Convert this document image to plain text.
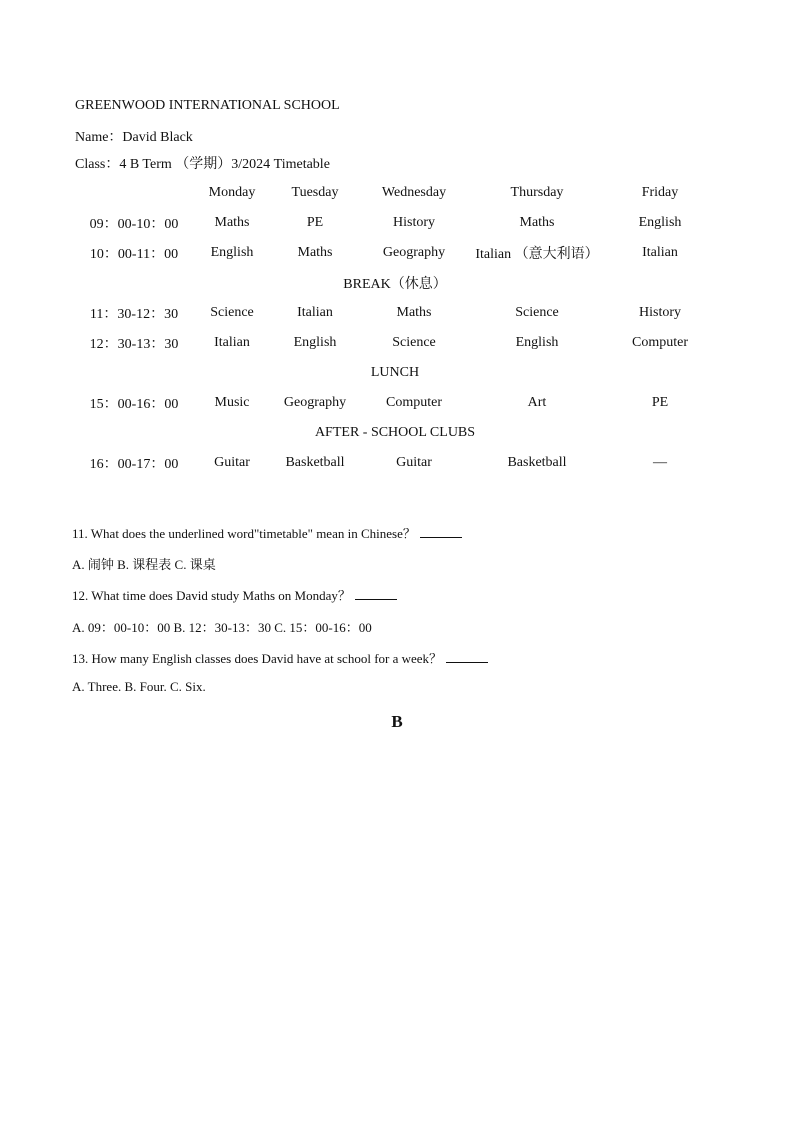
GREENWOOD INTERNATIONAL SCHOOL
Name：David Black
Class：4 B Term （学期）3/2024 Timetable
	Monday	Tuesday	Wednesday	Thursday	Friday
09：00-10：00	Maths	PE	History	Maths	English
10：00-11：00	English	Maths	Geography	Italian （意大利语）	Italian
BREAK（休息）					
11：30-12：30	Science	Italian	Maths	Science	History
12：30-13：30	Italian	English	Science	English	Computer
LUNCH					
15：00-16：00	Music	Geography	Computer	Art	PE
AFTER - SCHOOL CLUBS					
16：00-17：00	Guitar	Basketball	Guitar	Basketball	—
11. What does the underlined word"timetable" mean in Chinese？
A. 闹钟 B. 课程表 C. 课桌
12. What time does David study Maths on Monday？
A. 09：00-10：00 B. 12：30-13：30 C. 15：00-16：00
13. How many English classes does David have at school for a week？
A. Three. B. Four. C. Six.
B
